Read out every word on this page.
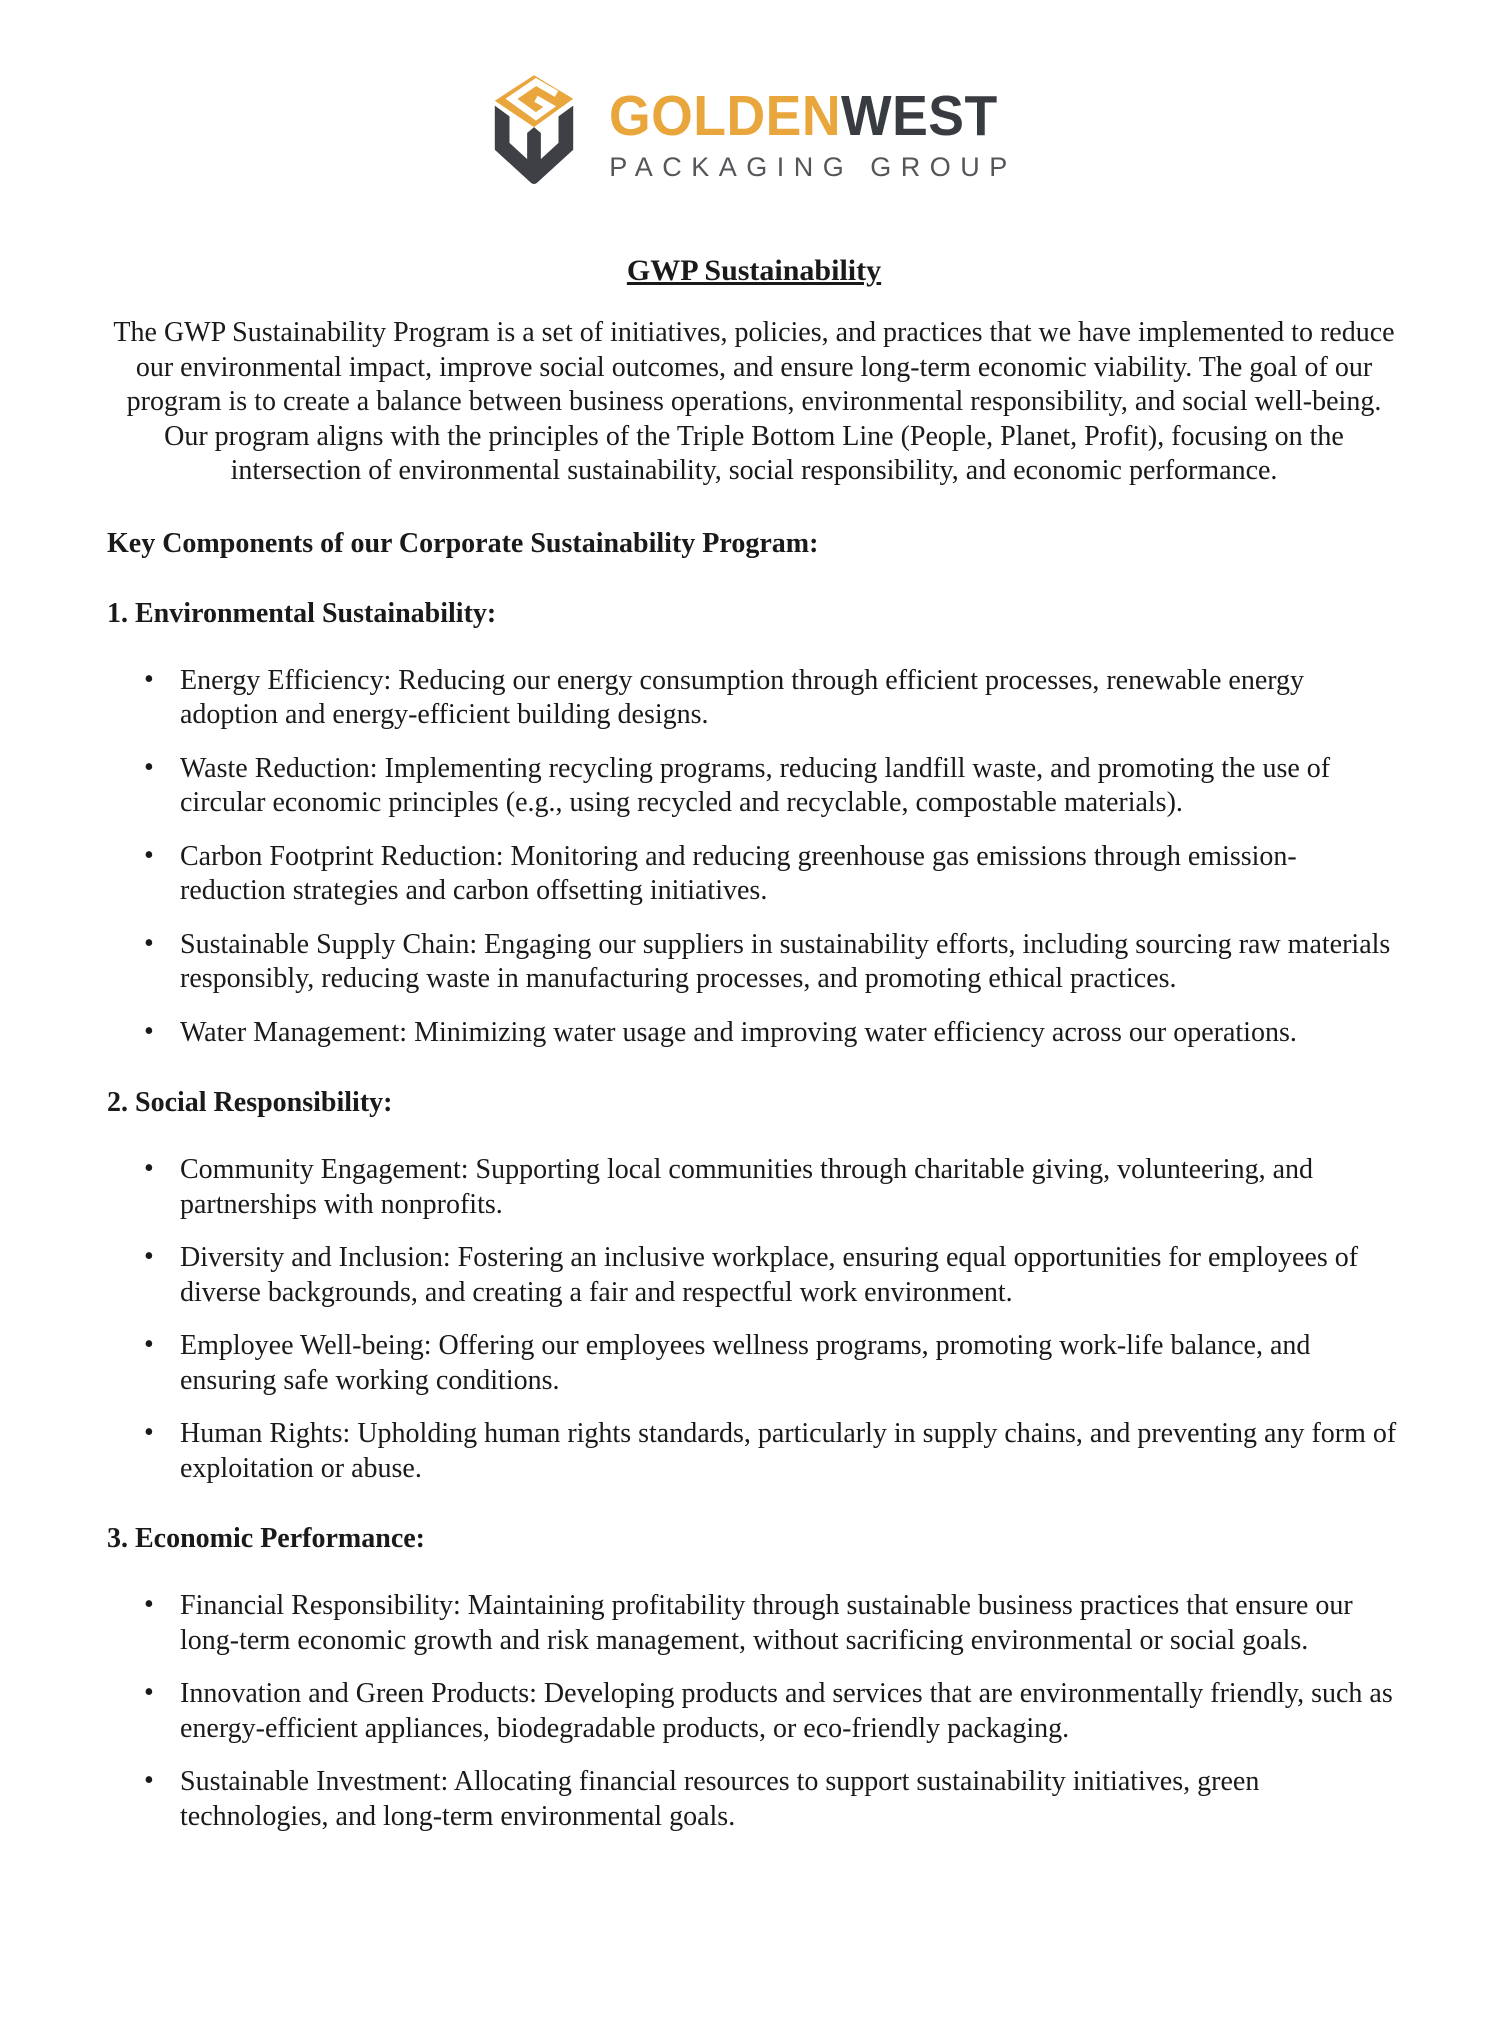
GOLDENWEST
PACKAGING GROUP
GWP Sustainability

The GWP Sustainability Program is a set of initiatives, policies, and practices that we have implemented to reduce our environmental impact, improve social outcomes, and ensure long-term economic viability. The goal of our program is to create a balance between business operations, environmental responsibility, and social well-being. Our program aligns with the principles of the Triple Bottom Line (People, Planet, Profit), focusing on the intersection of environmental sustainability, social responsibility, and economic performance.

Key Components of our Corporate Sustainability Program:
1. Environmental Sustainability:
• Energy Efficiency: Reducing our energy consumption through efficient processes, renewable energy adoption and energy-efficient building designs.
• Waste Reduction: Implementing recycling programs, reducing landfill waste, and promoting the use of circular economic principles (e.g., using recycled and recyclable, compostable materials).
• Carbon Footprint Reduction: Monitoring and reducing greenhouse gas emissions through emission-reduction strategies and carbon offsetting initiatives.
• Sustainable Supply Chain: Engaging our suppliers in sustainability efforts, including sourcing raw materials responsibly, reducing waste in manufacturing processes, and promoting ethical practices.
• Water Management: Minimizing water usage and improving water efficiency across our operations.
2. Social Responsibility:
• Community Engagement: Supporting local communities through charitable giving, volunteering, and partnerships with nonprofits.
• Diversity and Inclusion: Fostering an inclusive workplace, ensuring equal opportunities for employees of diverse backgrounds, and creating a fair and respectful work environment.
• Employee Well-being: Offering our employees wellness programs, promoting work-life balance, and ensuring safe working conditions.
• Human Rights: Upholding human rights standards, particularly in supply chains, and preventing any form of exploitation or abuse.
3. Economic Performance:
• Financial Responsibility: Maintaining profitability through sustainable business practices that ensure our long-term economic growth and risk management, without sacrificing environmental or social goals.
• Innovation and Green Products: Developing products and services that are environmentally friendly, such as energy-efficient appliances, biodegradable products, or eco-friendly packaging.
• Sustainable Investment: Allocating financial resources to support sustainability initiatives, green technologies, and long-term environmental goals.
